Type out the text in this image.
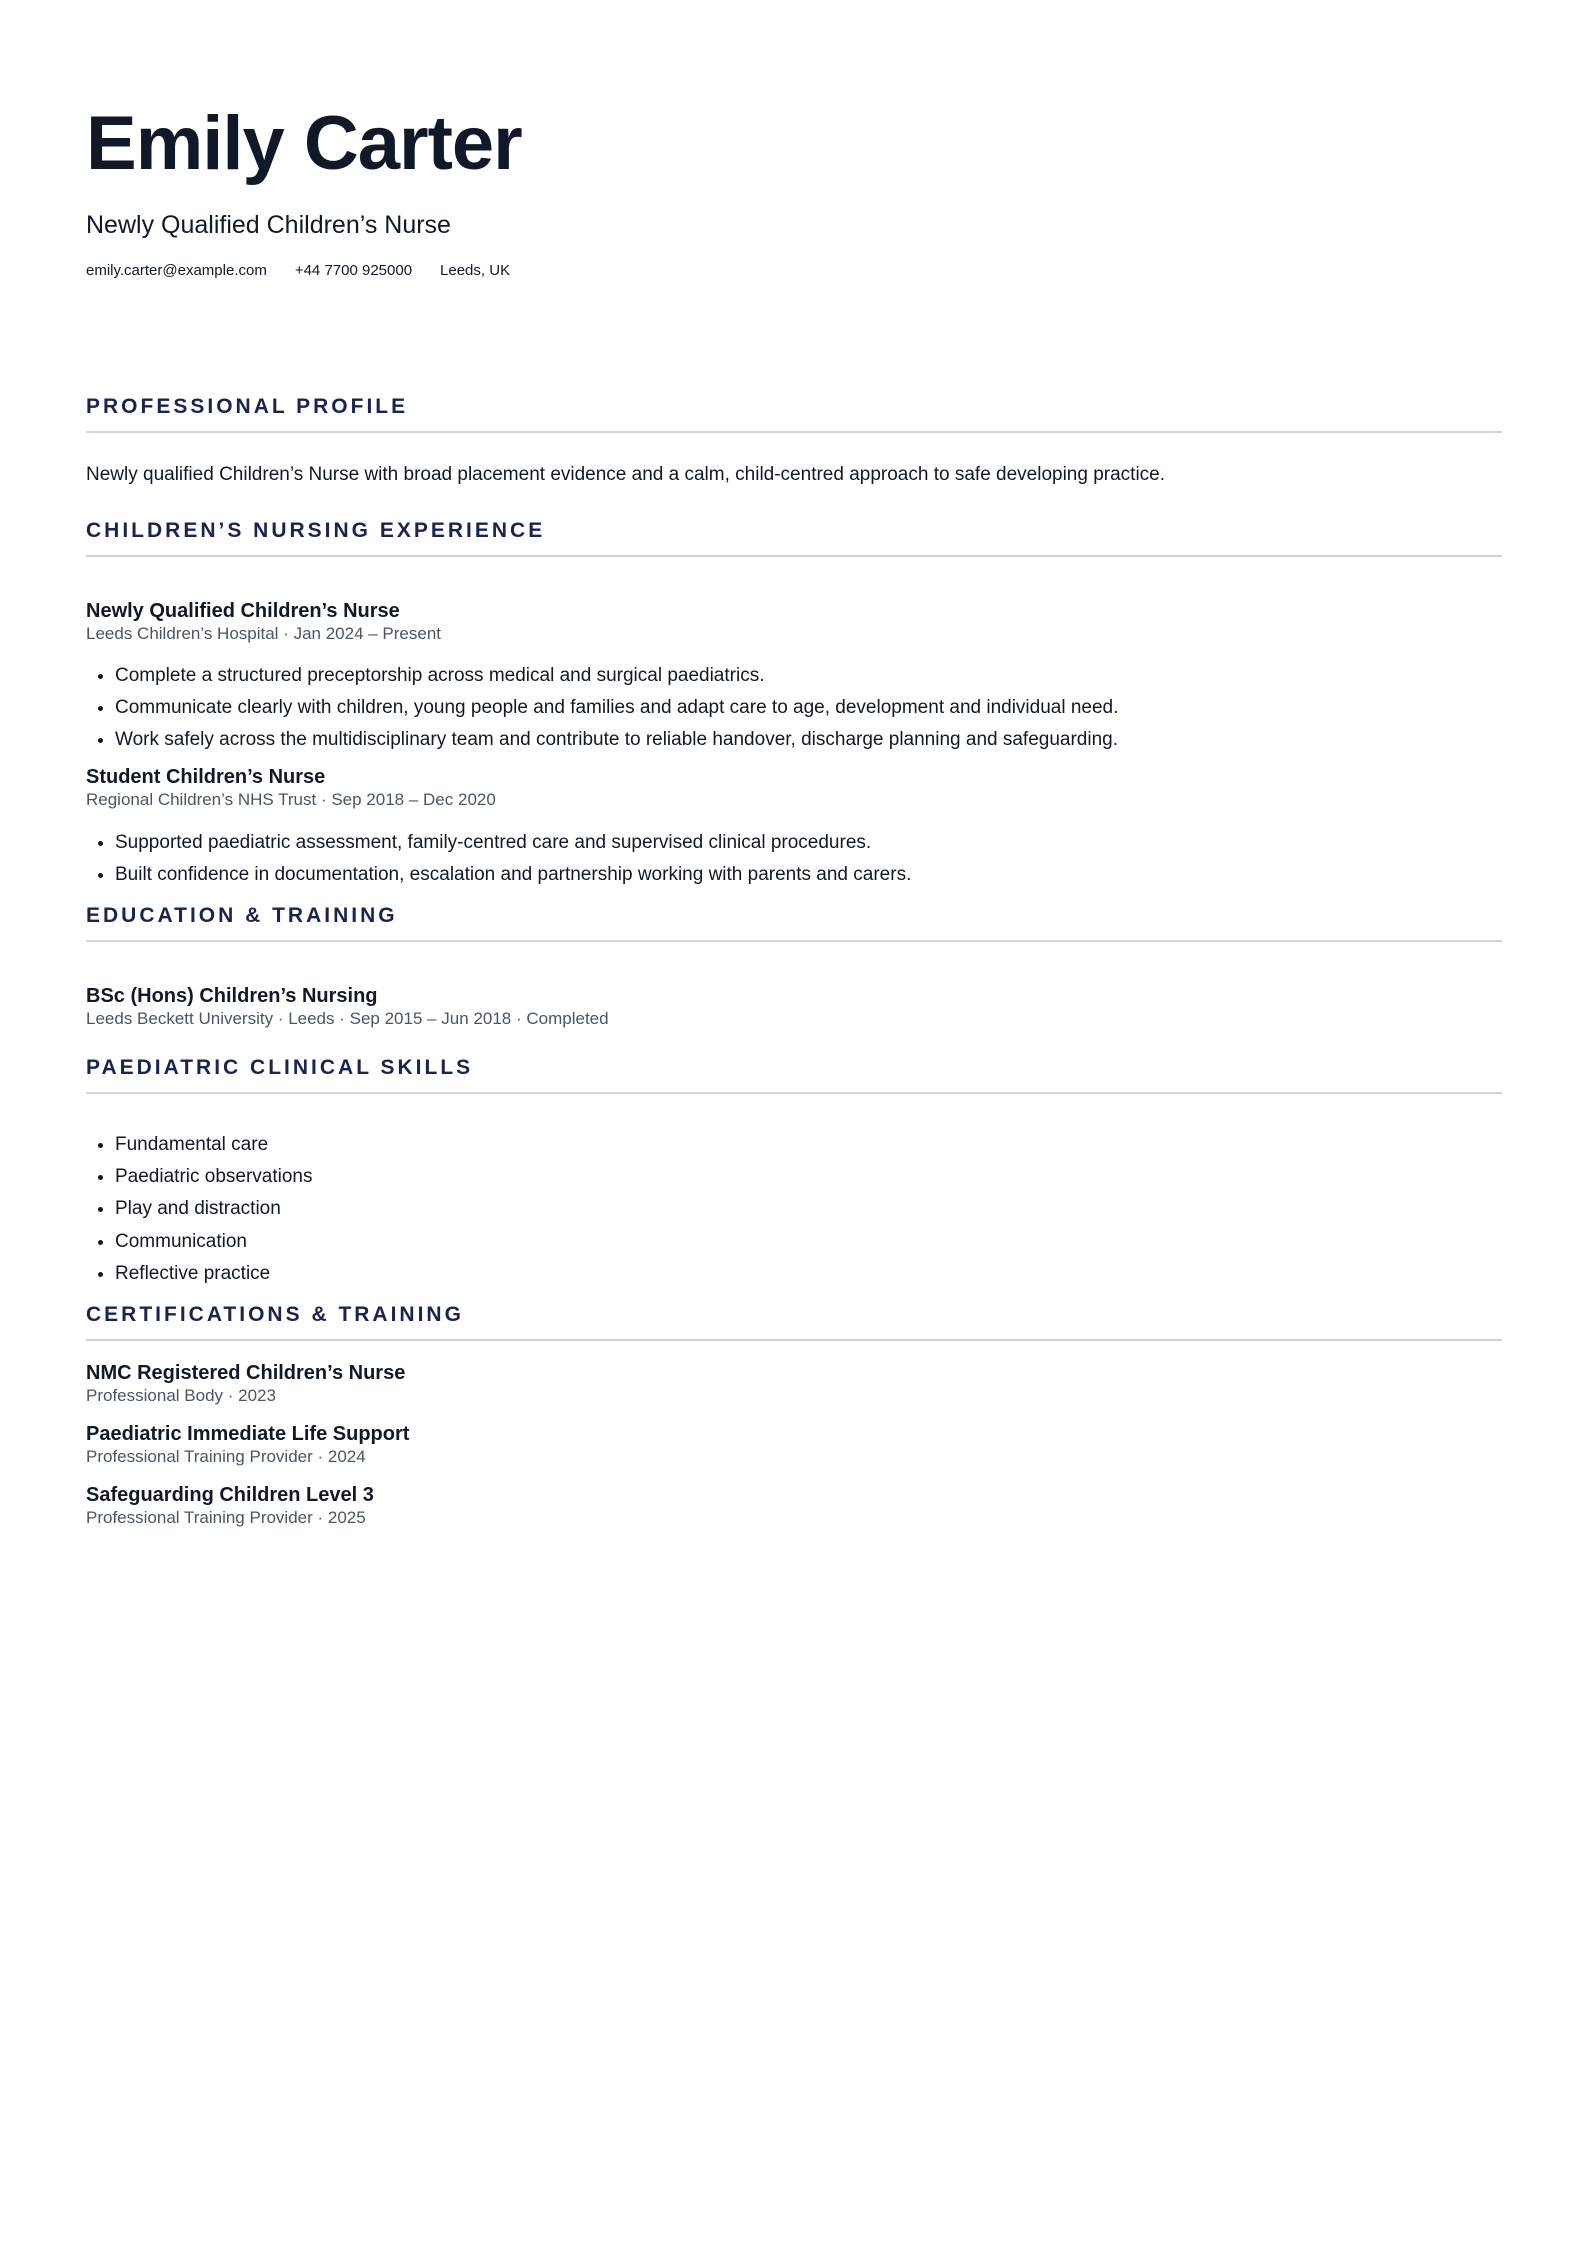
Emily Carter
Newly Qualified Children’s Nurse
emily.carter@example.com +44 7700 925000 Leeds, UK
PROFESSIONAL PROFILE
Newly qualified Children’s Nurse with broad placement evidence and a calm, child-centred approach to safe developing practice.
CHILDREN’S NURSING EXPERIENCE
Newly Qualified Children’s Nurse
Leeds Children’s Hospital · Jan 2024 – Present
• Complete a structured preceptorship across medical and surgical paediatrics.
• Communicate clearly with children, young people and families and adapt care to age, development and individual need.
• Work safely across the multidisciplinary team and contribute to reliable handover, discharge planning and safeguarding.
Student Children’s Nurse
Regional Children’s NHS Trust · Sep 2018 – Dec 2020
• Supported paediatric assessment, family-centred care and supervised clinical procedures.
• Built confidence in documentation, escalation and partnership working with parents and carers.
EDUCATION & TRAINING
BSc (Hons) Children’s Nursing
Leeds Beckett University · Leeds · Sep 2015 – Jun 2018 · Completed
PAEDIATRIC CLINICAL SKILLS
• Fundamental care
• Paediatric observations
• Play and distraction
• Communication
• Reflective practice
CERTIFICATIONS & TRAINING
NMC Registered Children’s Nurse
Professional Body · 2023
Paediatric Immediate Life Support
Professional Training Provider · 2024
Safeguarding Children Level 3
Professional Training Provider · 2025
